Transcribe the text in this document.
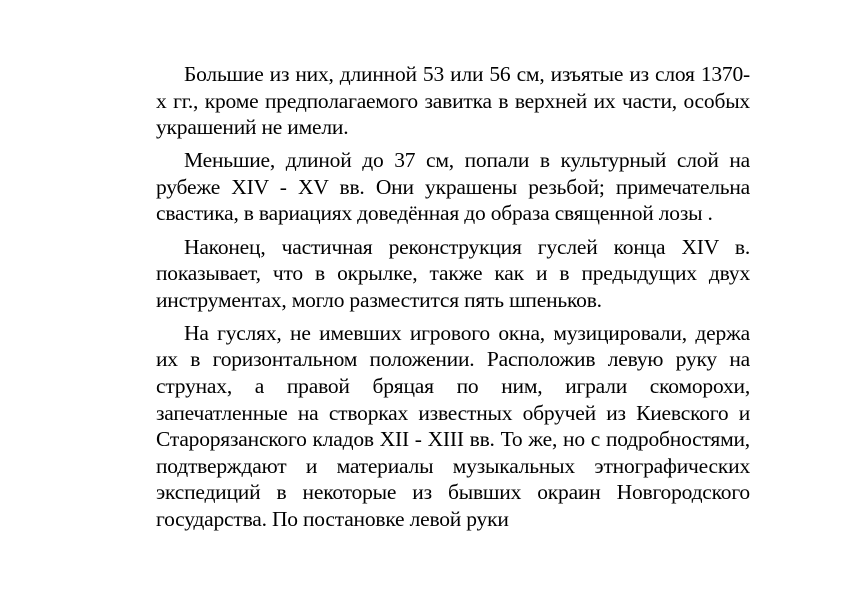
Большие из них, длинной 53 или 56 см, изъятые из слоя 1370-х гг., кроме предполагаемого завитка в верхней их части, особых украшений не имели.

Меньшие, длиной до 37 см, попали в культурный слой на рубеже XIV - XV вв. Они украшены резьбой; примечательна свастика, в вариациях доведённая до образа священной лозы .

Наконец, частичная реконструкция гуслей конца XIV в. показывает, что в окрылке, также как и в предыдущих двух инструментах, могло разместится пять шпеньков.

На гуслях, не имевших игрового окна, музицировали, держа их в горизонтальном положении. Расположив левую руку на струнах, а правой бряцая по ним, играли скоморохи, запечатленные на створках известных обручей из Киевского и Старорязанского кладов XII - XIII вв. То же, но с подробностями, подтверждают и материалы музыкальных этнографических экспедиций в некоторые из бывших окраин Новгородского государства. По постановке левой руки
